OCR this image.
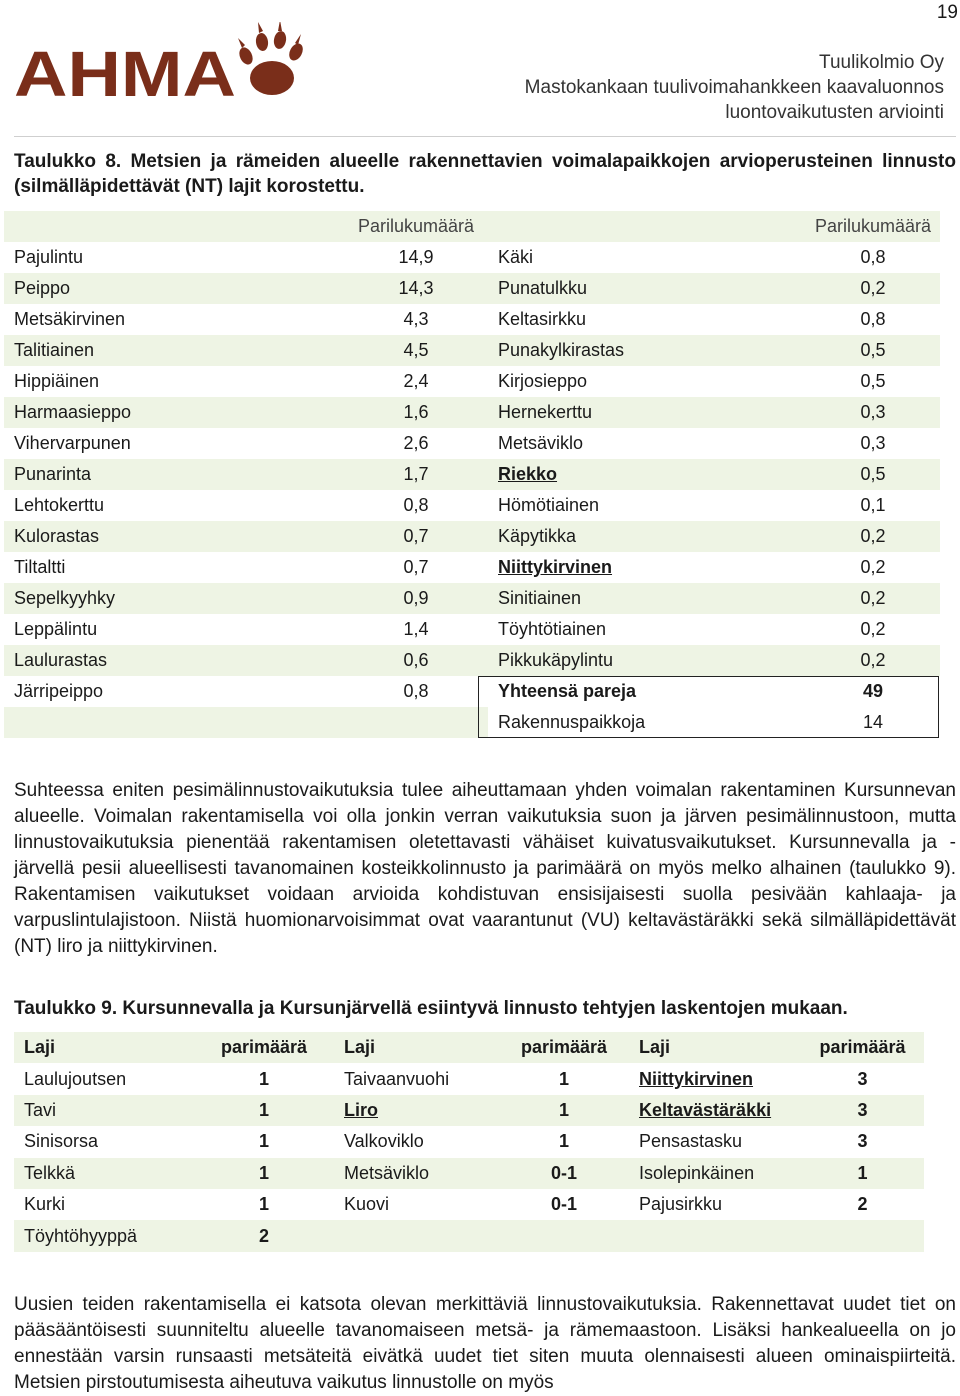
19
AHMA	Tuulikolmio Oy
Mastokankaan tuulivoimahankkeen kaavaluonnos
luontovaikutusten arviointi
Taulukko 8. Metsien ja rämeiden alueelle rakennettavien voimalapaikkojen arvioperusteinen linnusto (silmälläpidettävät (NT) lajit korostettu.
	Parilukumäärä		Parilukumäärä
Pajulintu	14,9	Käki	0,8
Peippo	14,3	Punatulkku	0,2
Metsäkirvinen	4,3	Keltasirkku	0,8
Talitiainen	4,5	Punakylkirastas	0,5
Hippiäinen	2,4	Kirjosieppo	0,5
Harmaasieppo	1,6	Hernekerttu	0,3
Vihervarpunen	2,6	Metsäviklo	0,3
Punarinta	1,7	Riekko	0,5
Lehtokerttu	0,8	Hömötiainen	0,1
Kulorastas	0,7	Käpytikka	0,2
Tiltaltti	0,7	Niittykirvinen	0,2
Sepelkyyhky	0,9	Sinitiainen	0,2
Leppälintu	1,4	Töyhtötiainen	0,2
Laulurastas	0,6	Pikkukäpylintu	0,2
Järripeippo	0,8	Yhteensä pareja	49
		Rakennuspaikkoja	14
Suhteessa eniten pesimälinnustovaikutuksia tulee aiheuttamaan yhden voimalan rakentaminen Kursunnevan alueelle. Voimalan rakentamisella voi olla jonkin verran vaikutuksia suon ja järven pesimälinnustoon, mutta linnustovaikutuksia pienentää rakentamisen oletettavasti vähäiset kuivatusvaikutukset. Kursunnevalla ja -järvellä pesii alueellisesti tavanomainen kosteikkolinnusto ja parimäärä on myös melko alhainen (taulukko 9). Rakentamisen vaikutukset voidaan arvioida kohdistuvan ensisijaisesti suolla pesivään kahlaaja- ja varpuslintulajistoon. Niistä huomionarvoisimmat ovat vaarantunut (VU) keltavästäräkki sekä silmälläpidettävät (NT) liro ja niittykirvinen.
Taulukko 9. Kursunnevalla ja Kursunjärvellä esiintyvä linnusto tehtyjen laskentojen mukaan.
Laji	parimäärä	Laji	parimäärä	Laji	parimäärä
Laulujoutsen	1	Taivaanvuohi	1	Niittykirvinen	3
Tavi	1	Liro	1	Keltavästäräkki	3
Sinisorsa	1	Valkoviklo	1	Pensastasku	3
Telkkä	1	Metsäviklo	0-1	Isolepinkäinen	1
Kurki	1	Kuovi	0-1	Pajusirkku	2
Töyhtöhyyppä	2				
Uusien teiden rakentamisella ei katsota olevan merkittäviä linnustovaikutuksia. Rakennettavat uudet tiet on pääsääntöisesti suunniteltu alueelle tavanomaiseen metsä- ja rämemaastoon. Lisäksi hankealueella on jo ennestään varsin runsaasti metsäteitä eivätkä uudet tiet siten muuta olennaisesti alueen ominaispiirteitä. Metsien pirstoutumisesta aiheutuva vaikutus linnustolle on myös
